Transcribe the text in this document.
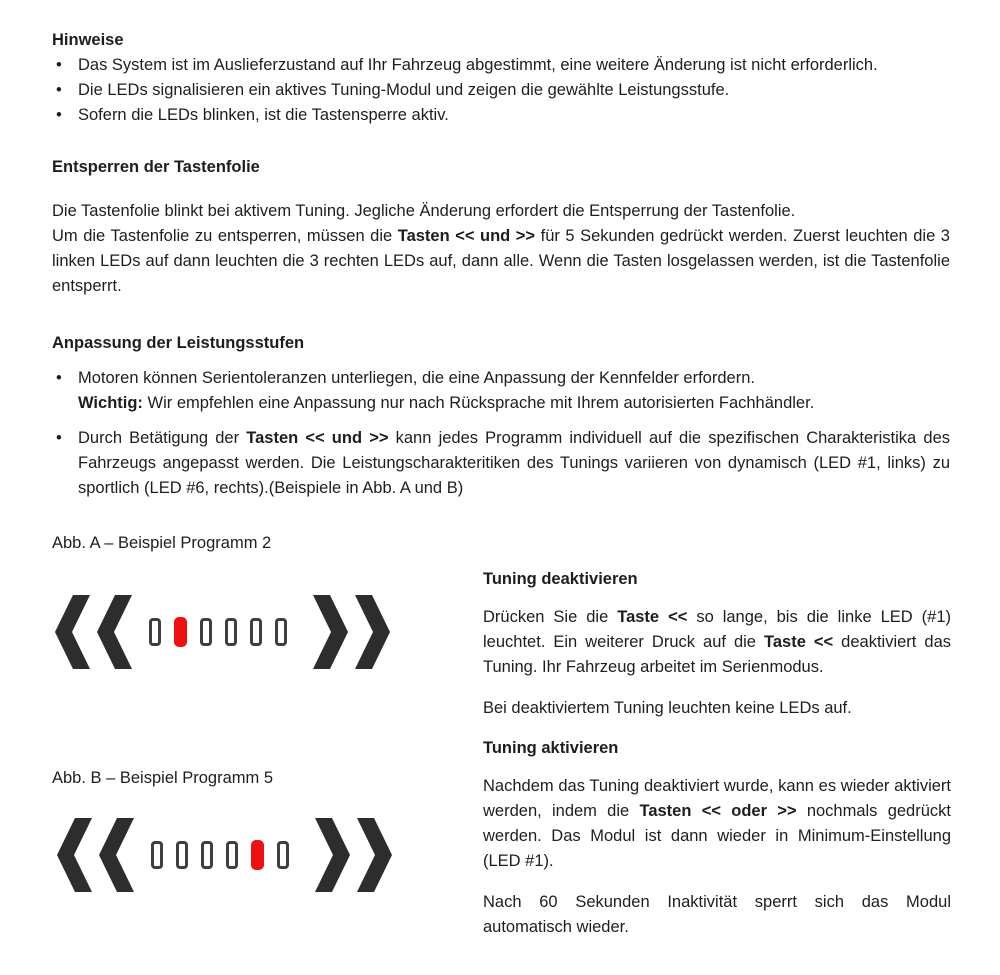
Hinweise
• Das System ist im Auslieferzustand auf Ihr Fahrzeug abgestimmt, eine weitere Änderung ist nicht erforderlich.
• Die LEDs signalisieren ein aktives Tuning-Modul und zeigen die gewählte Leistungsstufe.
• Sofern die LEDs blinken, ist die Tastensperre aktiv.
Entsperren der Tastenfolie

Die Tastenfolie blinkt bei aktivem Tuning. Jegliche Änderung erfordert die Entsperrung der Tastenfolie.
Um die Tastenfolie zu entsperren, müssen die Tasten << und >> für 5 Sekunden gedrückt werden. Zuerst leuchten die 3 linken LEDs auf dann leuchten die 3 rechten LEDs auf, dann alle. Wenn die Tasten losgelassen werden, ist die Tastenfolie entsperrt.

Anpassung der Leistungsstufen
• Motoren können Serientoleranzen unterliegen, die eine Anpassung der Kennfelder erfordern.
Wichtig: Wir empfehlen eine Anpassung nur nach Rücksprache mit Ihrem autorisierten Fachhändler.
• Durch Betätigung der Tasten << und >> kann jedes Programm individuell auf die spezifischen Charakteristika des Fahrzeugs angepasst werden. Die Leistungscharakteritiken des Tunings variieren von dynamisch (LED #1, links) zu sportlich (LED #6, rechts).(Beispiele in Abb. A und B)
Abb. A – Beispiel Programm 2
Abb. B – Beispiel Programm 5
Tuning deaktivieren

Drücken Sie die Taste << so lange, bis die linke LED (#1) leuchtet. Ein weiterer Druck auf die Taste << deaktiviert das Tuning. Ihr Fahrzeug arbeitet im Serienmodus.

Bei deaktiviertem Tuning leuchten keine LEDs auf.

Tuning aktivieren

Nachdem das Tuning deaktiviert wurde, kann es wieder aktiviert werden, indem die Tasten << oder >> nochmals gedrückt werden. Das Modul ist dann wieder in Minimum-Einstellung (LED #1).

Nach 60 Sekunden Inaktivität sperrt sich das Modul automatisch wieder.
